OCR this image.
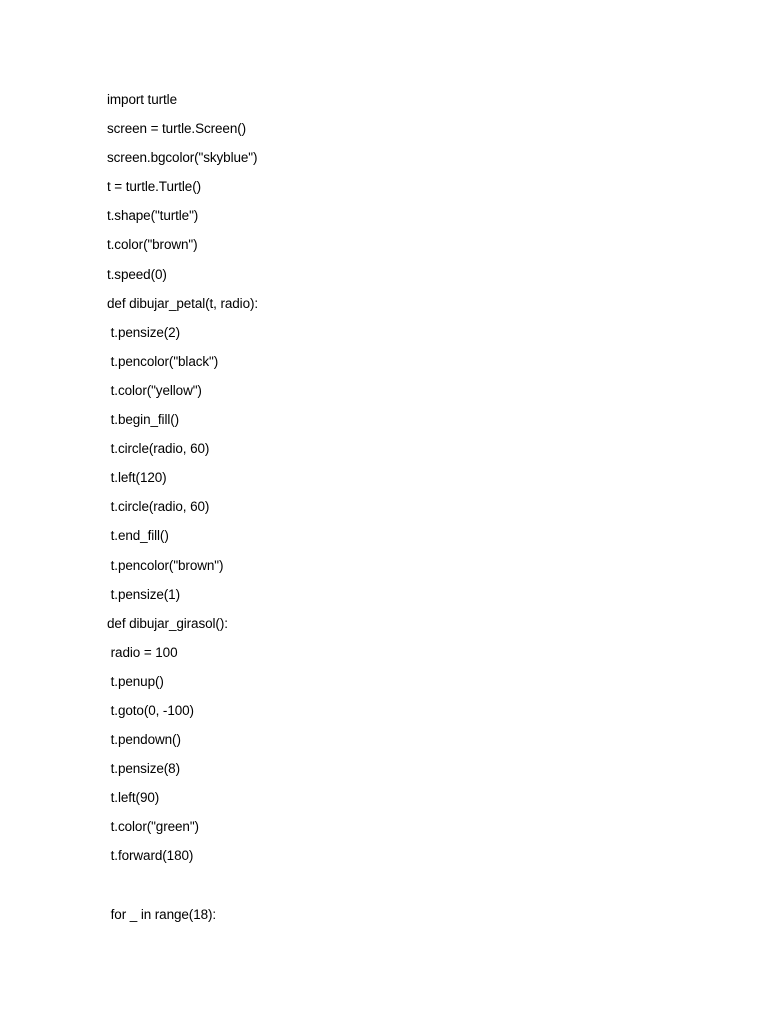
import turtle
screen = turtle.Screen()
screen.bgcolor("skyblue")
t = turtle.Turtle()
t.shape("turtle")
t.color("brown")
t.speed(0)
def dibujar_petal(t, radio):
t.pensize(2)
t.pencolor("black")
t.color("yellow")
t.begin_fill()
t.circle(radio, 60)
t.left(120)
t.circle(radio, 60)
t.end_fill()
t.pencolor("brown")
t.pensize(1)
def dibujar_girasol():
radio = 100
t.penup()
t.goto(0, -100)
t.pendown()
t.pensize(8)
t.left(90)
t.color("green")
t.forward(180)
for _ in range(18):
